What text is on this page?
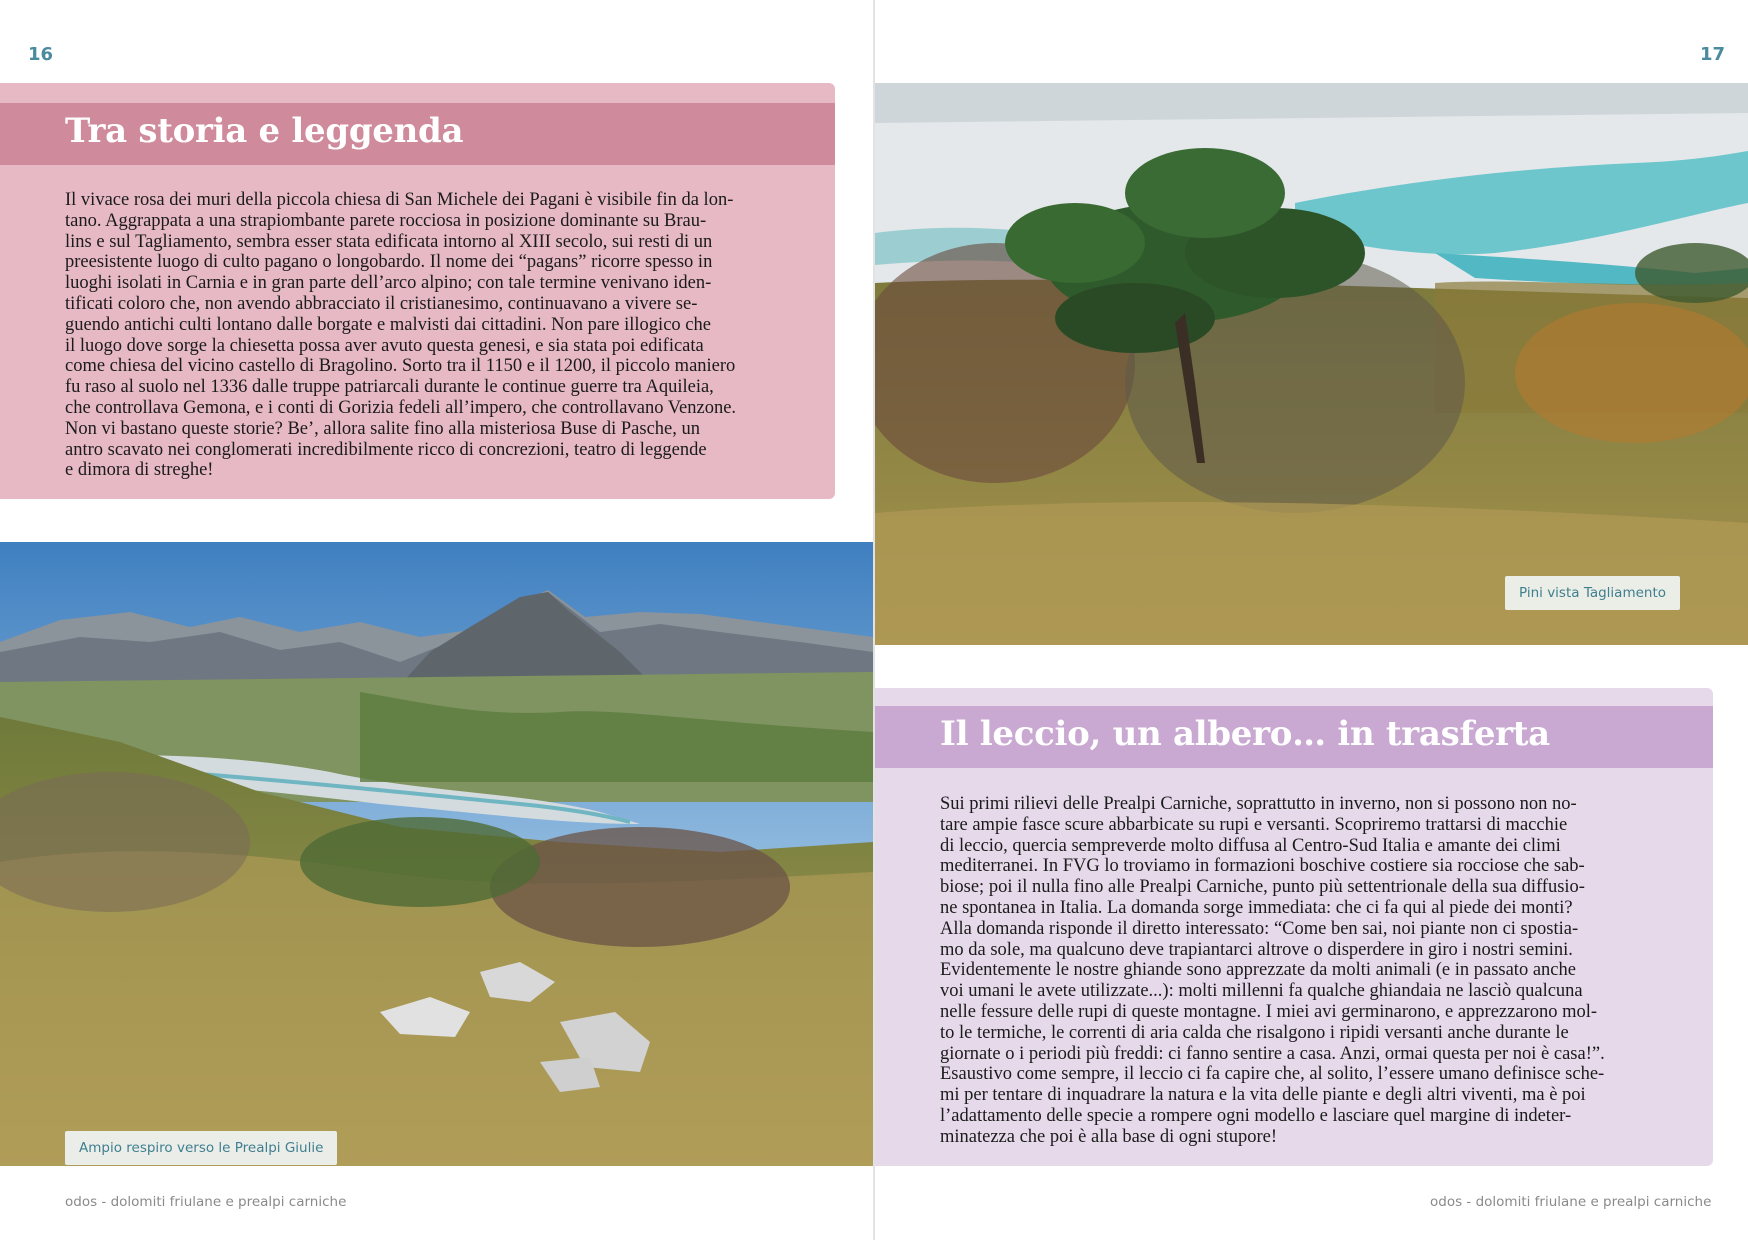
16
Tra storia e leggenda

Il vivace rosa dei muri della piccola chiesa di San Michele dei Pagani è visibile fin da lon-
tano. Aggrappata a una strapiombante parete rocciosa in posizione dominante su Brau-
lins e sul Tagliamento, sembra esser stata edificata intorno al XIII secolo, sui resti di un
preesistente luogo di culto pagano o longobardo. Il nome dei “pagans” ricorre spesso in
luoghi isolati in Carnia e in gran parte dell’arco alpino; con tale termine venivano iden-
tificati coloro che, non avendo abbracciato il cristianesimo, continuavano a vivere se-
guendo antichi culti lontano dalle borgate e malvisti dai cittadini. Non pare illogico che
il luogo dove sorge la chiesetta possa aver avuto questa genesi, e sia stata poi edificata
come chiesa del vicino castello di Bragolino. Sorto tra il 1150 e il 1200, il piccolo maniero
fu raso al suolo nel 1336 dalle truppe patriarcali durante le continue guerre tra Aquileia,
che controllava Gemona, e i conti di Gorizia fedeli all’impero, che controllavano Venzone.
Non vi bastano queste storie? Be’, allora salite fino alla misteriosa Buse di Pasche, un
antro scavato nei conglomerati incredibilmente ricco di concrezioni, teatro di leggende
e dimora di streghe!

Ampio respiro verso le Prealpi Giulie
odos - dolomiti friulane e prealpi carniche
17
Pini vista Tagliamento
Il leccio, un albero… in trasferta

Sui primi rilievi delle Prealpi Carniche, soprattutto in inverno, non si possono non no-
tare ampie fasce scure abbarbicate su rupi e versanti. Scopriremo trattarsi di macchie
di leccio, quercia sempreverde molto diffusa al Centro-Sud Italia e amante dei climi
mediterranei. In FVG lo troviamo in formazioni boschive costiere sia rocciose che sab-
biose; poi il nulla fino alle Prealpi Carniche, punto più settentrionale della sua diffusio-
ne spontanea in Italia. La domanda sorge immediata: che ci fa qui al piede dei monti?
Alla domanda risponde il diretto interessato: “Come ben sai, noi piante non ci spostia-
mo da sole, ma qualcuno deve trapiantarci altrove o disperdere in giro i nostri semini.
Evidentemente le nostre ghiande sono apprezzate da molti animali (e in passato anche
voi umani le avete utilizzate...): molti millenni fa qualche ghiandaia ne lasciò qualcuna
nelle fessure delle rupi di queste montagne. I miei avi germinarono, e apprezzarono mol-
to le termiche, le correnti di aria calda che risalgono i ripidi versanti anche durante le
giornate o i periodi più freddi: ci fanno sentire a casa. Anzi, ormai questa per noi è casa!”.
Esaustivo come sempre, il leccio ci fa capire che, al solito, l’essere umano definisce sche-
mi per tentare di inquadrare la natura e la vita delle piante e degli altri viventi, ma è poi
l’adattamento delle specie a rompere ogni modello e lasciare quel margine di indeter-
minatezza che poi è alla base di ogni stupore!

odos - dolomiti friulane e prealpi carniche
